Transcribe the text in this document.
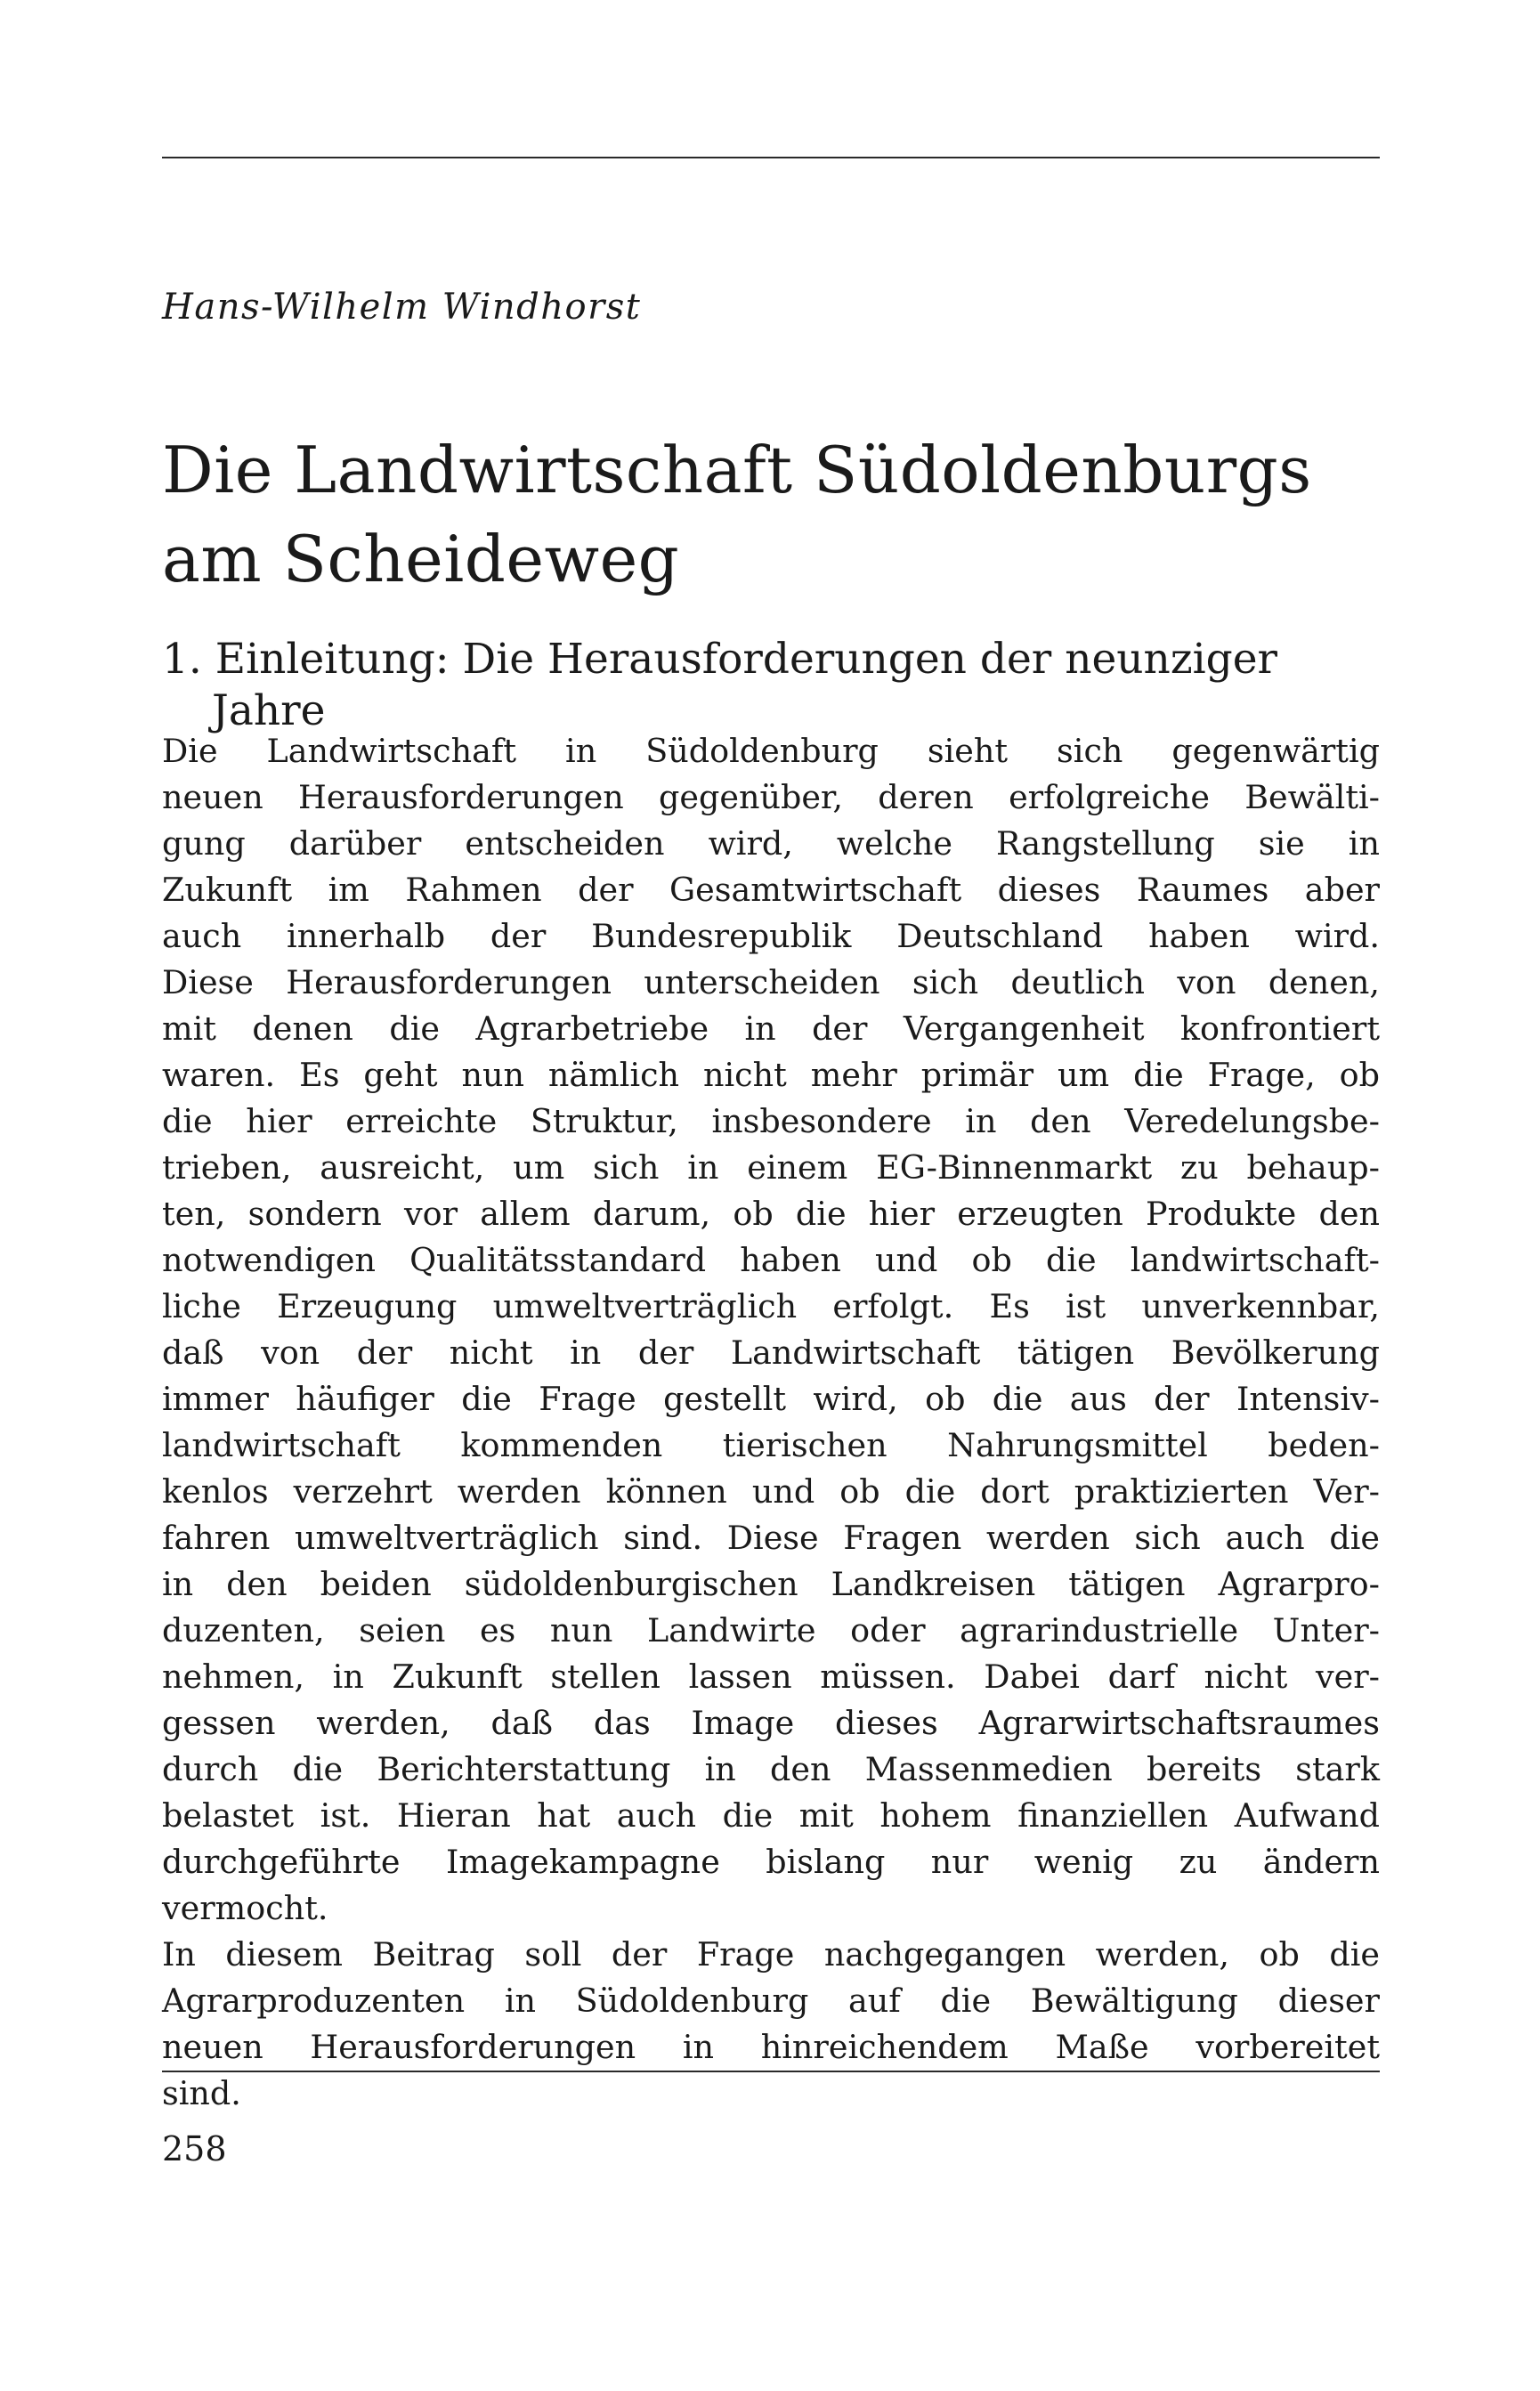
Hans-Wilhelm Windhorst

Die Landwirtschaft Südoldenburgs
am Scheideweg
1. Einleitung: Die Herausforderungen der neunziger
Jahre
Die Landwirtschaft in Südoldenburg sieht sich gegenwärtig
neuen Herausforderungen gegenüber, deren erfolgreiche Bewälti-
gung darüber entscheiden wird, welche Rangstellung sie in
Zukunft im Rahmen der Gesamtwirtschaft dieses Raumes aber
auch innerhalb der Bundesrepublik Deutschland haben wird.
Diese Herausforderungen unterscheiden sich deutlich von denen,
mit denen die Agrarbetriebe in der Vergangenheit konfrontiert
waren. Es geht nun nämlich nicht mehr primär um die Frage, ob
die hier erreichte Struktur, insbesondere in den Veredelungsbe-
trieben, ausreicht, um sich in einem EG-Binnenmarkt zu behaup-
ten, sondern vor allem darum, ob die hier erzeugten Produkte den
notwendigen Qualitätsstandard haben und ob die landwirtschaft-
liche Erzeugung umweltverträglich erfolgt. Es ist unverkennbar,
daß von der nicht in der Landwirtschaft tätigen Bevölkerung
immer häufiger die Frage gestellt wird, ob die aus der Intensiv-
landwirtschaft kommenden tierischen Nahrungsmittel beden-
kenlos verzehrt werden können und ob die dort praktizierten Ver-
fahren umweltverträglich sind. Diese Fragen werden sich auch die
in den beiden südoldenburgischen Landkreisen tätigen Agrarpro-
duzenten, seien es nun Landwirte oder agrarindustrielle Unter-
nehmen, in Zukunft stellen lassen müssen. Dabei darf nicht ver-
gessen werden, daß das Image dieses Agrarwirtschaftsraumes
durch die Berichterstattung in den Massenmedien bereits stark
belastet ist. Hieran hat auch die mit hohem finanziellen Aufwand
durchgeführte Imagekampagne bislang nur wenig zu ändern
vermocht.
In diesem Beitrag soll der Frage nachgegangen werden, ob die
Agrarproduzenten in Südoldenburg auf die Bewältigung dieser
neuen Herausforderungen in hinreichendem Maße vorbereitet
sind.

258
